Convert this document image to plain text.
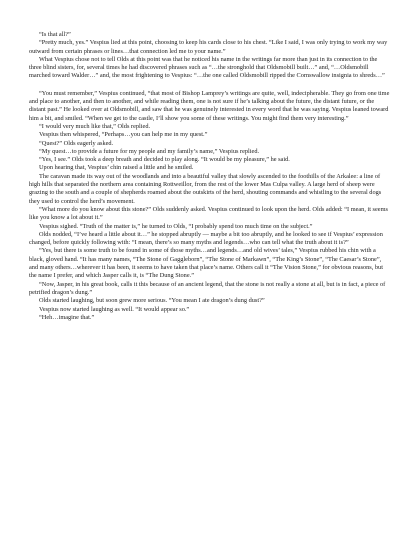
“Is that all?”

“Pretty much, yes.” Vespius lied at this point, choosing to keep his cards close to his chest. “Like I said, I was only trying to work my way outward from certain phrases or lines…that connection led me to your name.”

What Vespius chose not to tell Olds at this point was that he noticed his name in the writings far more than just in its connection to the three blind sisters, for, several times he had discovered phrases such as “…the stronghold that Oldsmobill built…” and, “…Oldsmobill marched toward Walder…” and, the most frightening to Vespius: “…the one called Oldsmobill ripped the Cornswallow insignia to shreds…”

“You must remember,” Vespius continued, “that most of Bishop Lamprey’s writings are quite, well, indecipherable. They go from one time and place to another, and then to another, and while reading them, one is not sure if he’s talking about the future, the distant future, or the distant past.” He looked over at Oldsmobill, and saw that he was genuinely interested in every word that he was saying. Vespius leaned toward him a bit, and smiled. “When we get to the castle, I’ll show you some of these writings. You might find them very interesting.”

“I would very much like that,” Olds replied.

Vespius then whispered, “Perhaps…you can help me in my quest.”

“Quest?” Olds eagerly asked.

“My quest…to provide a future for my people and my family’s name,” Vespius replied.

“Yes, I see.” Olds took a deep breath and decided to play along. “It would be my pleasure,” he said.

Upon hearing that, Vespius’ chin raised a little and he smiled.

The caravan made its way out of the woodlands and into a beautiful valley that slowly ascended to the foothills of the Arkalee: a line of high hills that separated the northern area containing Rottweillor, from the rest of the lower Mas Culpa valley. A large herd of sheep were grazing to the south and a couple of shepherds roamed about the outskirts of the herd, shouting commands and whistling to the several dogs they used to control the herd’s movement.

“What more do you know about this stone?” Olds suddenly asked. Vespius continued to look upon the herd. Olds added: “I mean, it seems like you know a lot about it.”

Vespius sighed. “Truth of the matter is,” he turned to Olds, “I probably spend too much time on the subject.”

Olds nodded, “I’ve heard a little about it…” he stopped abruptly — maybe a bit too abruptly, and he looked to see if Vespius’ expression changed, before quickly following with: “I mean, there’s so many myths and legends…who can tell what the truth about it is?”

“Yes, but there is some truth to be found in some of those myths…and legends…and old wives’ tales,” Vespius rubbed his chin with a black, gloved hand. “It has many names, “The Stone of Gaggleborn”, “The Stone of Markawn”, “The King’s Stone”, “The Caesar’s Stone”, and many others…wherever it has been, it seems to have taken that place’s name. Others call it “The Vision Stone,” for obvious reasons, but the name I prefer, and which Jasper calls it, is “The Dung Stone.”

“Now, Jasper, in his great book, calls it this because of an ancient legend, that the stone is not really a stone at all, but is in fact, a piece of petrified dragon’s dung.”

Olds started laughing, but soon grew more serious. “You mean I ate dragon’s dung dust?”

Vespius now started laughing as well. “It would appear so.”

“Heh…imagine that.”
